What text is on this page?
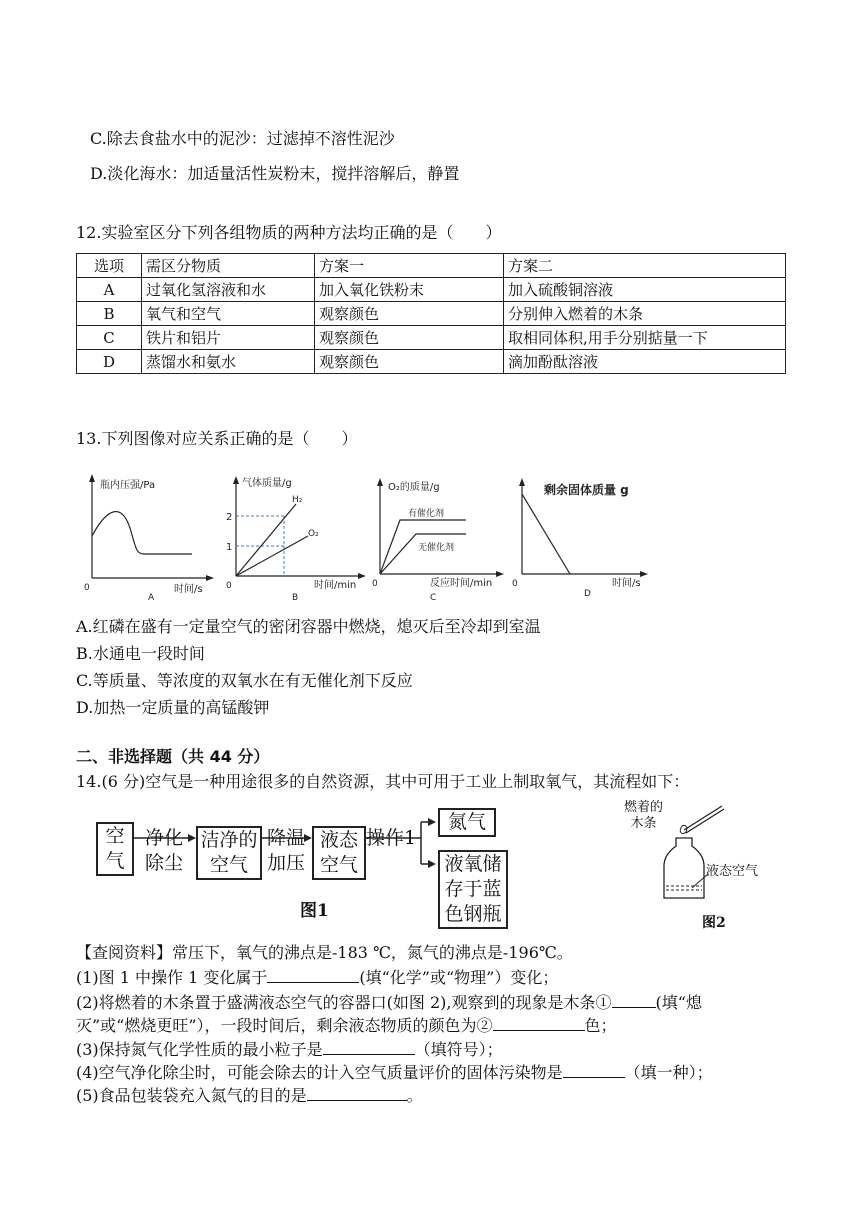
C.除去食盐水中的泥沙：过滤掉不溶性泥沙
D.淡化海水：加适量活性炭粉末，搅拌溶解后，静置
12.实验室区分下列各组物质的两种方法均正确的是（　　）
选项	需区分物质	方案一	方案二
A	过氧化氢溶液和水	加入氧化铁粉末	加入硫酸铜溶液
B	氧气和空气	观察颜色	分别伸入燃着的木条
C	铁片和铝片	观察颜色	取相同体积,用手分别掂量一下
D	蒸馏水和氨水	观察颜色	滴加酚酞溶液
13.下列图像对应关系正确的是（　　）
瓶内压强/Pa
时间/s
0
A
气体质量/g
2
1
H₂
O₂
时间/min
0
B
O₂的质量/g
有催化剂
无催化剂
反应时间/min
0
C
剩余固体质量 g
时间/s
0
D
A.红磷在盛有一定量空气的密闭容器中燃烧，熄灭后至冷却到室温
B.水通电一段时间
C.等质量、等浓度的双氧水在有无催化剂下反应
D.加热一定质量的高锰酸钾
二、非选择题（共 44 分）
14.(6 分)空气是一种用途很多的自然资源，其中可用于工业上制取氧气，其流程如下：
空
气
净化
除尘
洁净的
空气
降温
加压
液态
空气
操作1
氮气
液氧储
存于蓝
色钢瓶
图1
燃着的
木条
液态空气
图2
【查阅资料】常压下，氧气的沸点是-183 ℃，氮气的沸点是-196℃。
(1)图 1 中操作 1 变化属于	(填“化学”或“物理”）变化；
(2)将燃着的木条置于盛满液态空气的容器口(如图 2),观察到的现象是木条①	(填“熄
灭”或“燃烧更旺”），一段时间后，剩余液态物质的颜色为②	色；
(3)保持氮气化学性质的最小粒子是	（填符号）；
(4)空气净化除尘时，可能会除去的计入空气质量评价的固体污染物是	（填一种）；
(5)食品包装袋充入氮气的目的是	。
